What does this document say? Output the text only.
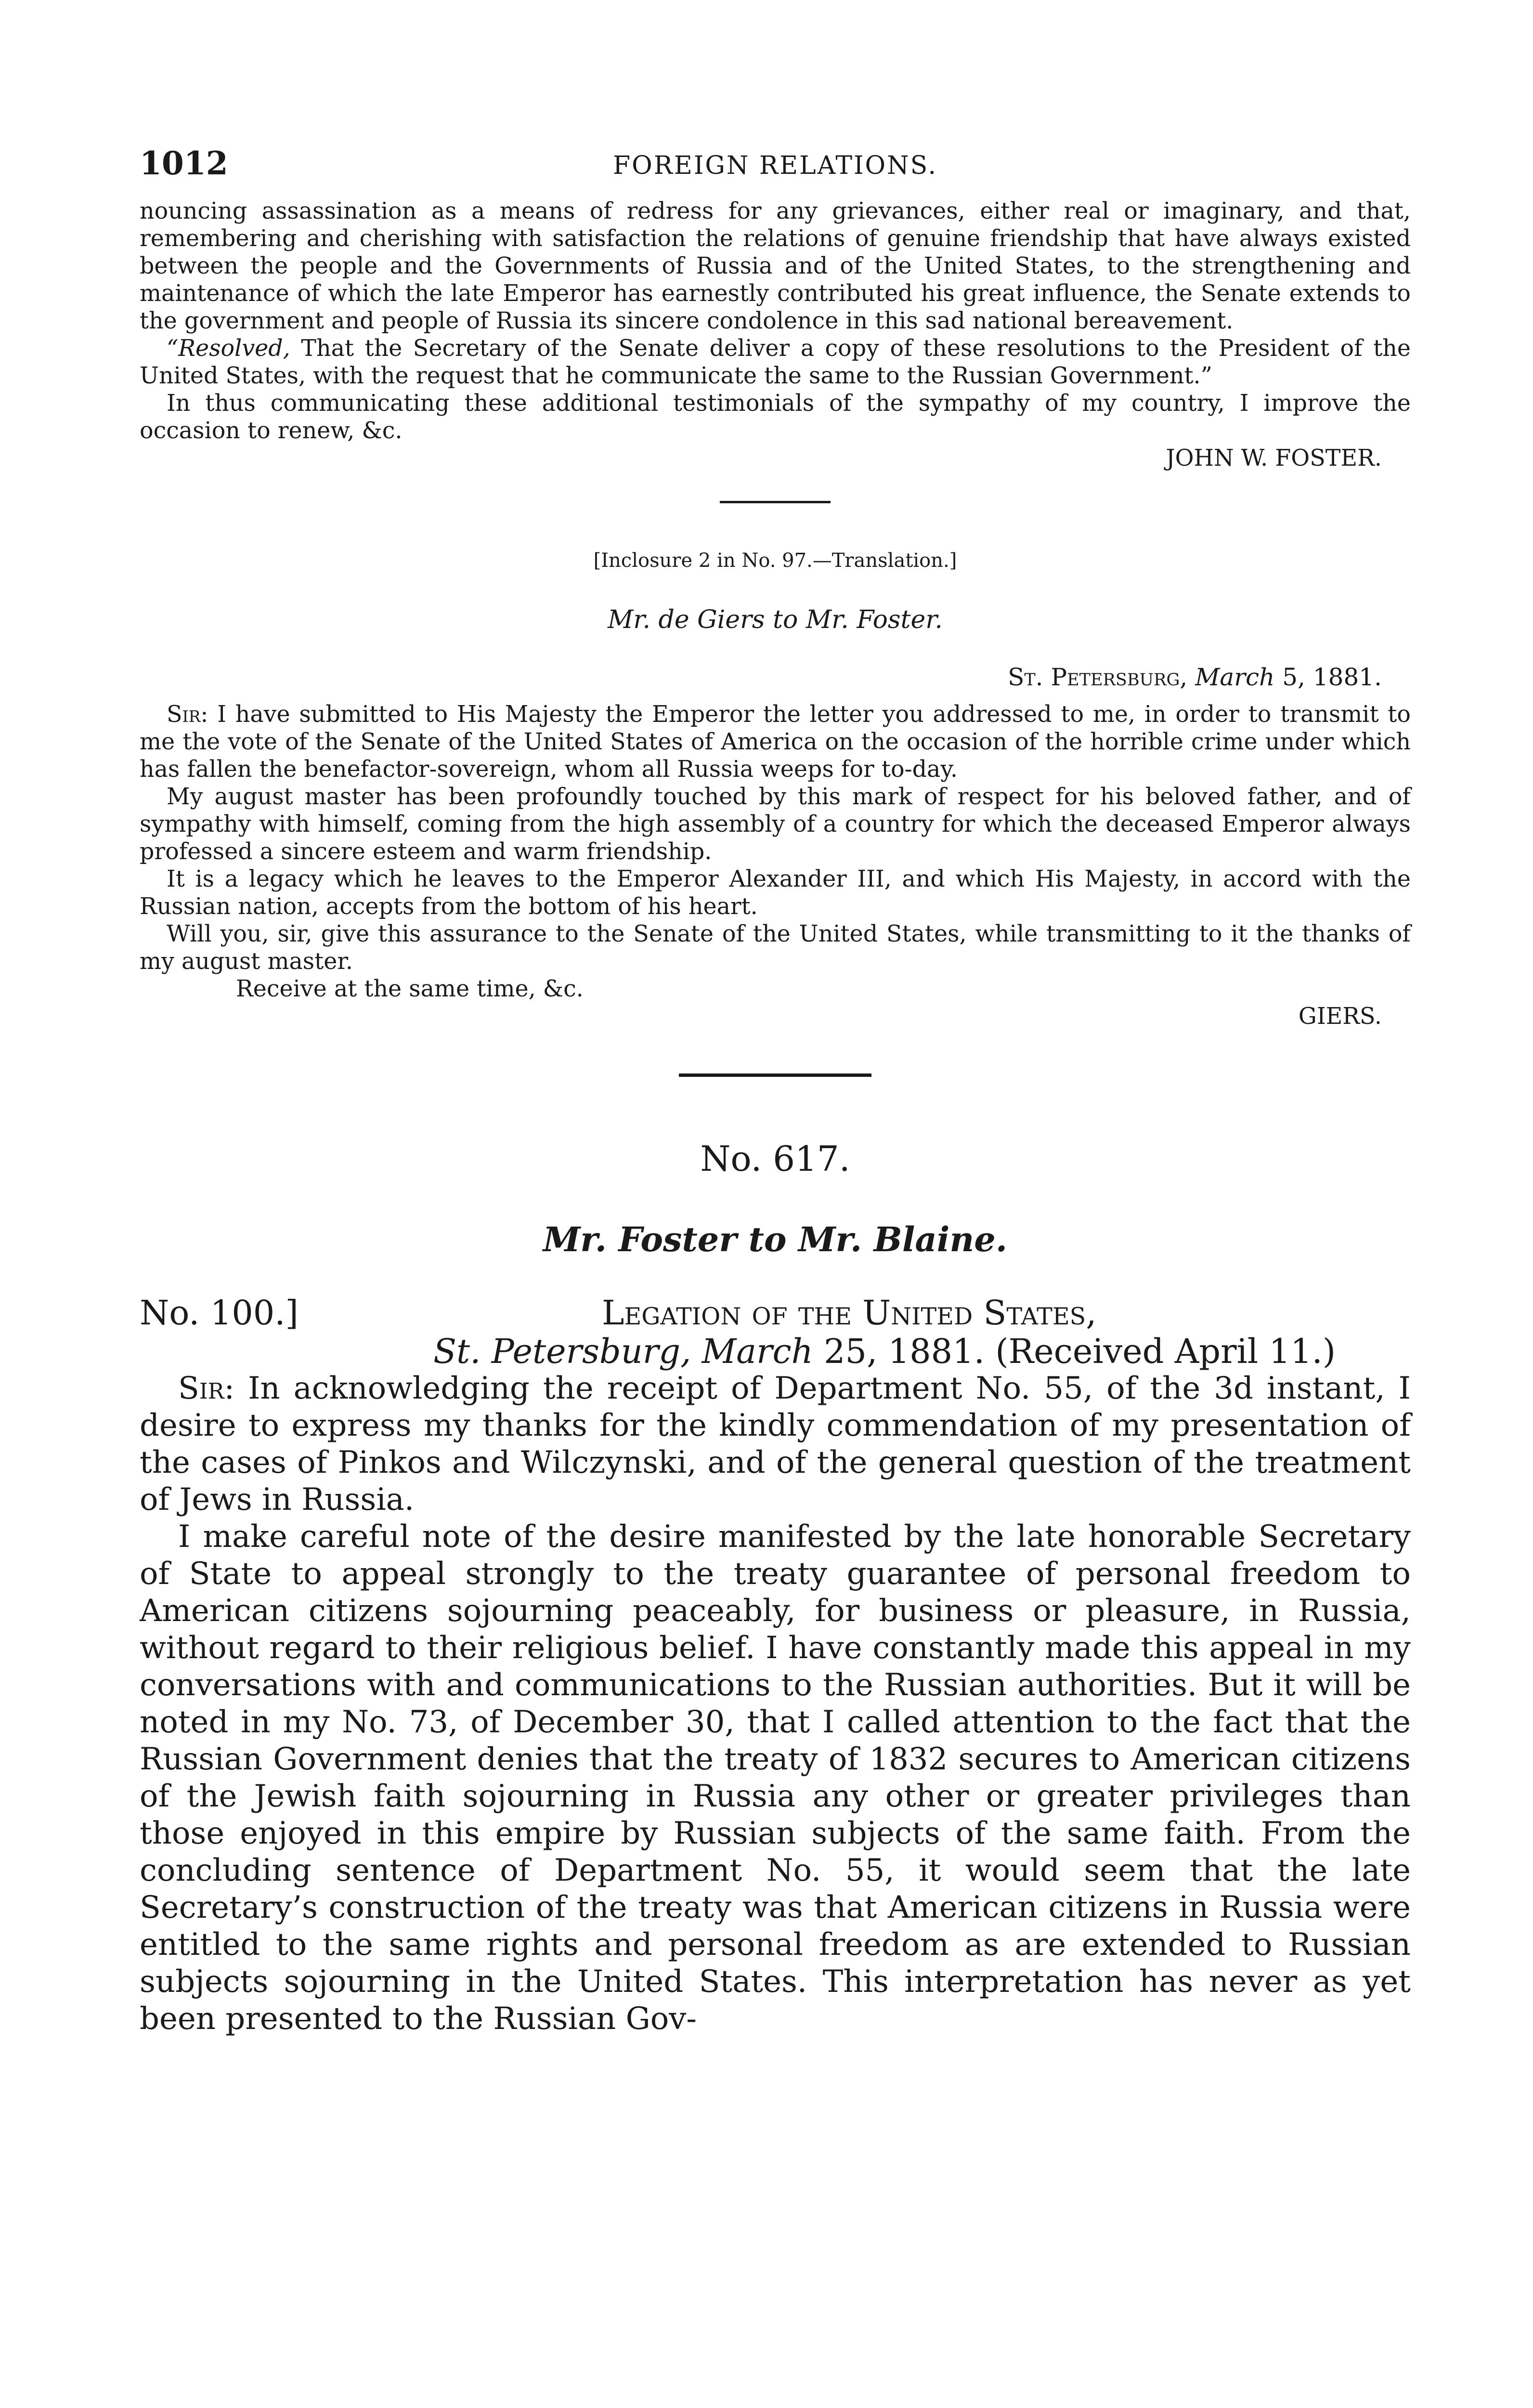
1012	FOREIGN RELATIONS.

nouncing assassination as a means of redress for any grievances, either real or imaginary, and that, remembering and cherishing with satisfaction the relations of genuine friendship that have always existed between the people and the Governments of Russia and of the United States, to the strengthening and maintenance of which the late Emperor has earnestly contributed his great influence, the Senate extends to the government and people of Russia its sincere condolence in this sad national bereavement.

“Resolved, That the Secretary of the Senate deliver a copy of these resolutions to the President of the United States, with the request that he communicate the same to the Russian Government.”

In thus communicating these additional testimonials of the sympathy of my country, I improve the occasion to renew, &c.

JOHN W. FOSTER.
[Inclosure 2 in No. 97.—Translation.]
Mr. de Giers to Mr. Foster.
St. Petersburg, March 5, 1881.

Sir: I have submitted to His Majesty the Emperor the letter you addressed to me, in order to transmit to me the vote of the Senate of the United States of America on the occasion of the horrible crime under which has fallen the benefactor-sovereign, whom all Russia weeps for to-day.

My august master has been profoundly touched by this mark of respect for his beloved father, and of sympathy with himself, coming from the high assembly of a country for which the deceased Emperor always professed a sincere esteem and warm friendship.

It is a legacy which he leaves to the Emperor Alexander III, and which His Majesty, in accord with the Russian nation, accepts from the bottom of his heart.

Will you, sir, give this assurance to the Senate of the United States, while transmitting to it the thanks of my august master.

Receive at the same time, &c.

GIERS.
No. 617.
Mr. Foster to Mr. Blaine.
No. 100.]	Legation of the United States,
St. Petersburg, March 25, 1881. (Received April 11.)

Sir: In acknowledging the receipt of Department No. 55, of the 3d instant, I desire to express my thanks for the kindly commendation of my presentation of the cases of Pinkos and Wilczynski, and of the general question of the treatment of Jews in Russia.

I make careful note of the desire manifested by the late honorable Secretary of State to appeal strongly to the treaty guarantee of personal freedom to American citizens sojourning peaceably, for business or pleasure, in Russia, without regard to their religious belief. I have constantly made this appeal in my conversations with and communications to the Russian authorities. But it will be noted in my No. 73, of December 30, that I called attention to the fact that the Russian Government denies that the treaty of 1832 secures to American citizens of the Jewish faith sojourning in Russia any other or greater privileges than those enjoyed in this empire by Russian subjects of the same faith. From the concluding sentence of Department No. 55, it would seem that the late Secretary’s construction of the treaty was that American citizens in Russia were entitled to the same rights and personal freedom as are extended to Russian subjects sojourning in the United States. This interpretation has never as yet been presented to the Russian Gov-
